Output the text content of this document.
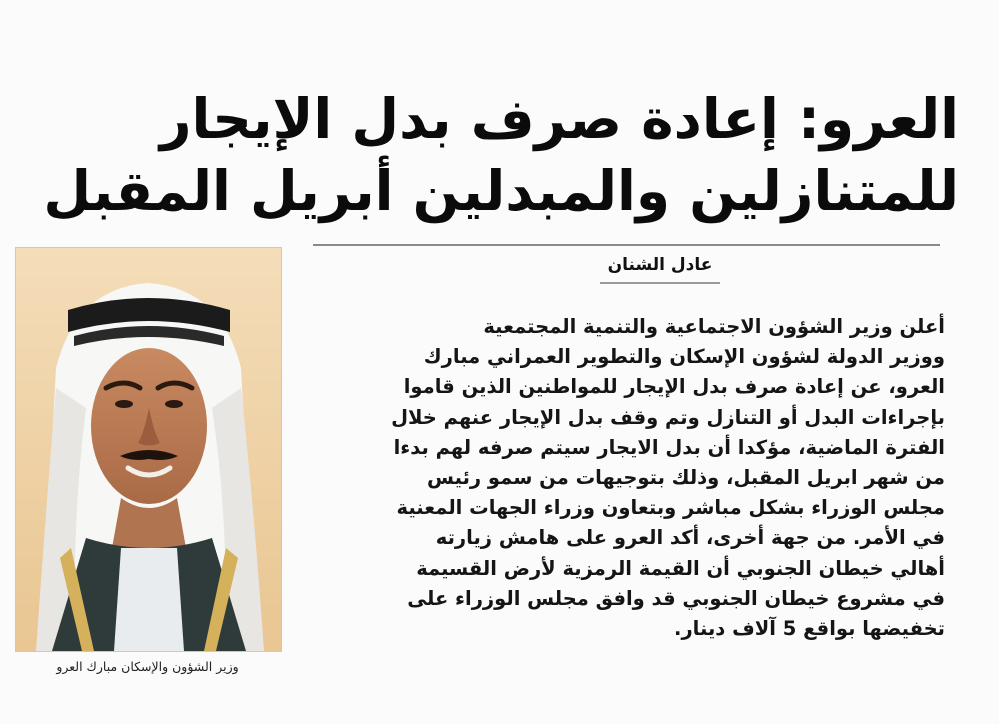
العرو: إعادة صرف بدل الإيجار
للمتنازلين والمبدلين أبريل المقبل
عادل الشنان
أعلن وزير الشؤون الاجتماعية والتنمية المجتمعية
ووزير الدولة لشؤون الإسكان والتطوير العمراني مبارك
العرو، عن إعادة صرف بدل الإيجار للمواطنين الذين قاموا
بإجراءات البدل أو التنازل وتم وقف بدل الإيجار عنهم خلال
الفترة الماضية، مؤكدا أن بدل الايجار سيتم صرفه لهم بدءا
من شهر ابريل المقبل، وذلك بتوجيهات من سمو رئيس
مجلس الوزراء بشكل مباشر وبتعاون وزراء الجهات المعنية
في الأمر. من جهة أخرى، أكد العرو على هامش زيارته
أهالي خيطان الجنوبي أن القيمة الرمزية لأرض القسيمة
في مشروع خيطان الجنوبي قد وافق مجلس الوزراء على
تخفيضها بواقع 5 آلاف دينار.
وزير الشؤون والإسكان مبارك العرو
